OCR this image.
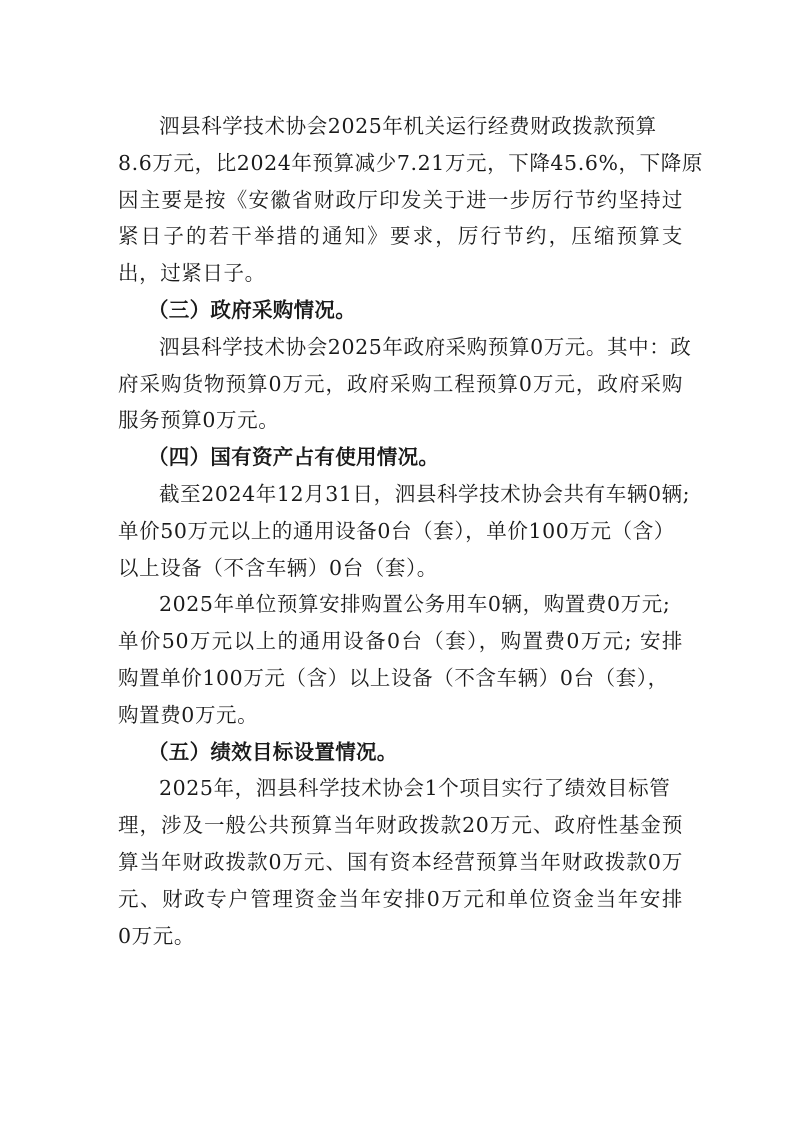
泗县科学技术协会2025年机关运行经费财政拨款预算
8.6万元，比2024年预算减少7.21万元，下降45.6%，下降原
因主要是按《安徽省财政厅印发关于进一步厉行节约坚持过
紧日子的若干举措的通知》要求，厉行节约，压缩预算支
出，过紧日子。
（三）政府采购情况。
泗县科学技术协会2025年政府采购预算0万元。其中：政
府采购货物预算0万元，政府采购工程预算0万元，政府采购
服务预算0万元。
（四）国有资产占有使用情况。
截至2024年12月31日，泗县科学技术协会共有车辆0辆;
单价50万元以上的通用设备0台（套），单价100万元（含）
以上设备（不含车辆）0台（套）。
2025年单位预算安排购置公务用车0辆，购置费0万元;
单价50万元以上的通用设备0台（套），购置费0万元; 安排
购置单价100万元（含）以上设备（不含车辆）0台（套），
购置费0万元。
（五）绩效目标设置情况。
2025年，泗县科学技术协会1个项目实行了绩效目标管
理，涉及一般公共预算当年财政拨款20万元、政府性基金预
算当年财政拨款0万元、国有资本经营预算当年财政拨款0万
元、财政专户管理资金当年安排0万元和单位资金当年安排
0万元。
